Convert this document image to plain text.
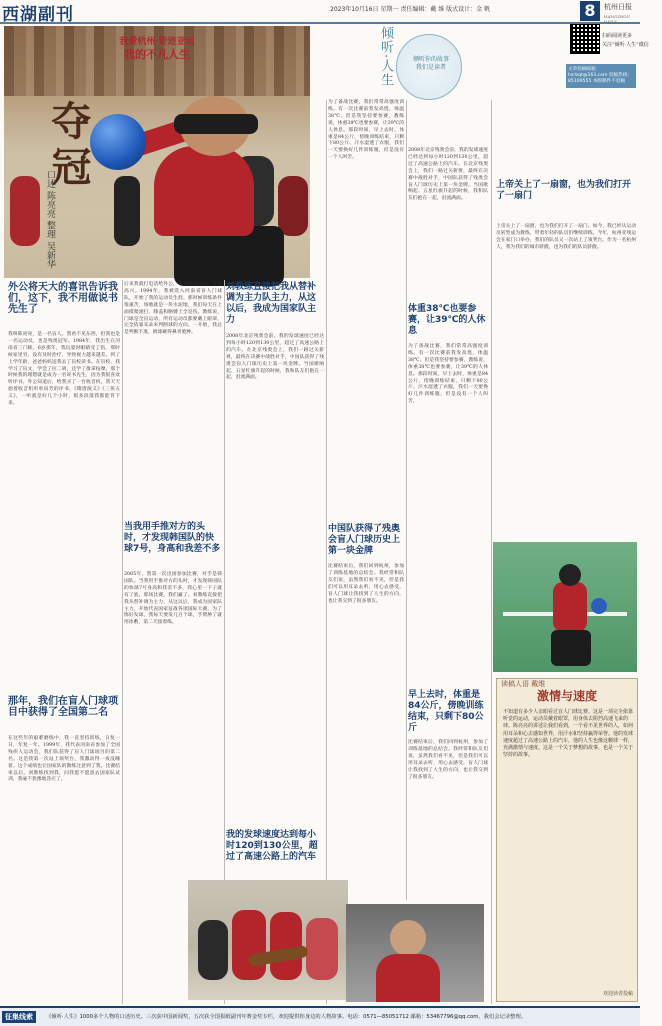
西湖副刊	2023年10月16日 星期一 责任编辑：戴 维 版式设计：金 帆	8	杭州日报
HANGZHOU DAILY
我爱杭州·奇迹亚运
我的不凡人生
夺冠
口述 陈亮亮 整理 吴新华
倾听·人生	倾听你的故事
我们是读者
扫码阅读更多
关注“倾听·人生”微信
文章投稿邮箱：hzrbqt@163.com 投稿热线：85109555 本版稿件不退稿
外公将天大的喜讯告诉我们，这下，我不用做说书先生了
我叫陈亮亮，是一名盲人。我看不见东西，但我也是一名运动员，也是残奥冠军。1984年，我出生在河南省三门峡。6岁那年，我玩耍时眼睛受了伤，那时候家里穷，没有及时治疗，导致视力越来越差。到了上学年龄，爸爸妈妈送我去了盲校读书。在盲校，我学习了盲文，学会了拉二胡，还学了推拿按摩。那个时候我的理想就是成为一名说书先生，因为我很喜欢听评书。外公知道后，给我买了一台收音机，我天天抱着收音机听单田芳的评书，《隋唐演义》《三侠五义》，一听就是好几个小时，很多段落我都能背下来。
那年，我们在盲人门球项目中获得了全国第二名
在这些年的艰难磨练中，我一直坚持训练，日复一日，年复一年。1999年，我代表河南省参加了全国残疾人运动会，我们队获得了盲人门球项目的第二名。这是我第一次站上领奖台，我激动得一夜没睡着。这个成绩也让国家队的教练注意到了我。比赛结束以后，刘教练找到我，问我愿不愿意去国家队试训，我毫不犹豫地答应了。
后来我就打电话给外公，外公知道以后，非常高兴。1994年，我被选入河南省盲人门球队，开始了我的运动员生涯。那时候训练条件很艰苦，场地就是一块水泥地，我们每天在上面摸爬滚打，膝盖和胳膊上全是伤。教练说，门球是全盲运动，所有运动员都要戴上眼罩，完全依靠耳朵来判断球的方向。一开始，我总是判断不准，被球砸得鼻青脸肿。
当我用手推对方的头时，才发现韩国队的快球7号，身高和我差不多
2005年，我第一次出国参加比赛，对手是韩国队。当我用手推对方的头时，才发现韩国队的快球7号身高和我差不多，我心里一下子就有了底。那场比赛，我们赢了。刘教练直接把我从替补调为主力，从这以后，我成为国家队主力，开始代表国家征战各项国际大赛。为了练好发球，我每天要发几百个球，手臂肿了就用冰敷，第二天接着练。
刘教练直接把我从替补调为主力队主力，从这以后，我成为国家队主力
2008年北京残奥会前，我的发球速度已经达到每小时120到130公里，超过了高速公路上的汽车。在北京残奥会上，我们一路过关斩将，最终在决赛中战胜对手，中国队获得了残奥会盲人门球历史上第一块金牌。当国歌响起、五星红旗升起的时候，我和队友们抱在一起，泪流满面。
我的发球速度达到每小时120到130公里，超过了高速公路上的汽车
为了备战比赛，我们常常高强度训练。有一次比赛前我发高烧，体温38℃，但是我坚持要参赛，教练说，体重38℃也要参赛，让39℃的人休息。那段时间，早上去时，体重是84公斤，傍晚训练结束，只剩下80公斤。汗水湿透了衣服，我们一天要换好几件训练服，但是没有一个人叫苦。
中国队获得了残奥会盲人门球历史上第一块金牌
比赛结束后，我们回到杭州，参加了训练基地的总结会。我经常和队友们说，虽然我们看不见，但是我们可以用耳朵去听，用心去感受。盲人门球让我找到了人生的方向，也让我交到了很多朋友。
2008年北京残奥会前，我的发球速度已经达到每小时120到130公里，超过了高速公路上的汽车。在北京残奥会上，我们一路过关斩将，最终在决赛中战胜对手，中国队获得了残奥会盲人门球历史上第一块金牌。当国歌响起、五星红旗升起的时候，我和队友们抱在一起，泪流满面。
体重38℃也要参赛，让39℃的人休息
为了备战比赛，我们常常高强度训练。有一次比赛前我发高烧，体温38℃，但是我坚持要参赛，教练说，体重38℃也要参赛，让39℃的人休息。那段时间，早上去时，体重是84公斤，傍晚训练结束，只剩下80公斤。汗水湿透了衣服，我们一天要换好几件训练服，但是没有一个人叫苦。
早上去时，体重是84公斤，傍晚训练结束，只剩下80公斤
比赛结束后，我们回到杭州，参加了训练基地的总结会。我经常和队友们说，虽然我们看不见，但是我们可以用耳朵去听，用心去感受。盲人门球让我找到了人生的方向，也让我交到了很多朋友。
上帝关上了一扇窗，也为我们打开了一扇门
上帝关上了一扇窗，也为我们打开了一扇门。如今，我已经从运动员转型成为教练，带着年轻的队员们继续训练。今年，杭州亚残运会在家门口举办，我们的队员又一次站上了领奖台。作为一名杭州人，我为我们的城市骄傲，也为我们的队员骄傲。
读稿人语 戴维
激情与速度
不知道有多少人亲眼看过盲人门球比赛。这是一项完全依靠听觉的运动，运动员戴着眼罩，用身体去阻挡高速飞来的球。陈亮亮的讲述让我们看到，一个看不见世界的人，如何用耳朵和心去感知世界，用汗水和坚持赢得荣誉。他的发球速度超过了高速公路上的汽车，他的人生也像这颗球一样，充满激情与速度。这是一个关于梦想的故事，也是一个关于坚持的故事。
欢迎读者投稿
征集线索	《倾听·人生》1000多个人物的口述历史。三次获中国新闻奖，五次获全国报纸副刊年赛金奖专栏，欢迎提供你身边的人物故事。电话：0571—85051712 邮箱：53467796@qq.com，我们会记录整理。
